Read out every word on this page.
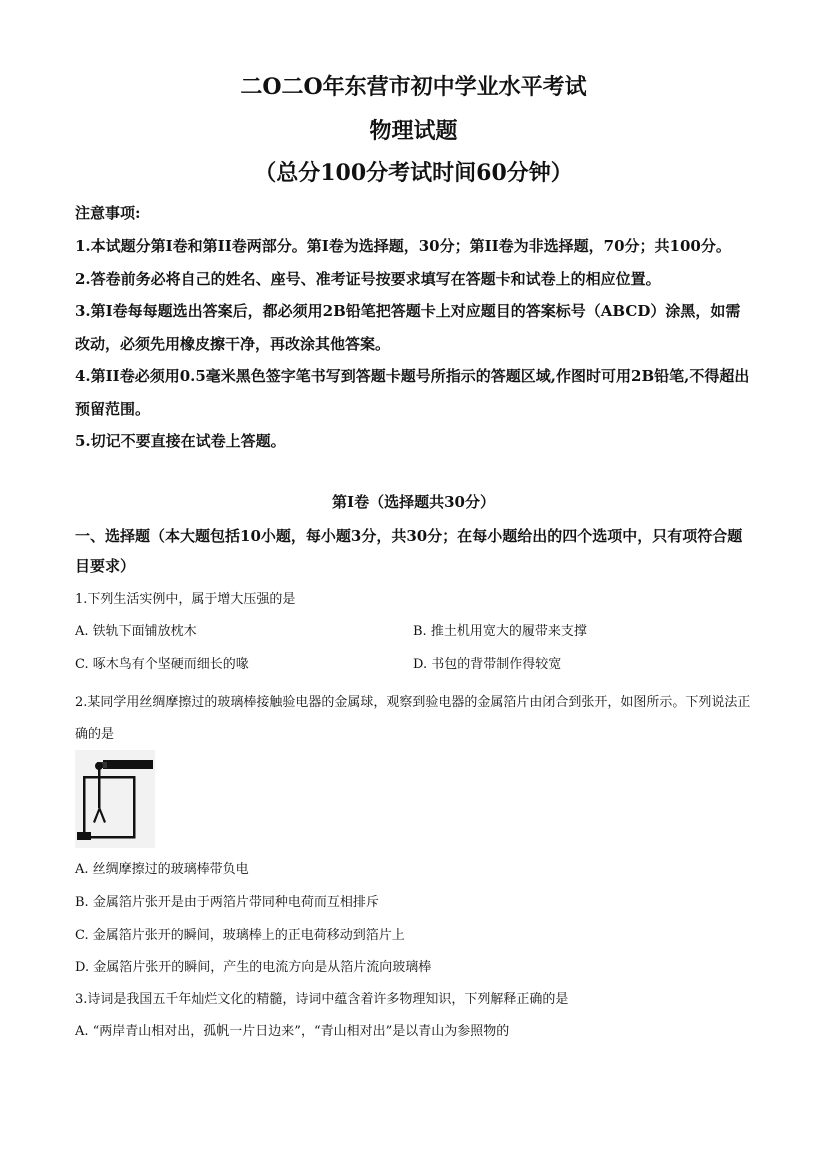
二O二O年东营市初中学业水平考试
物理试题
（总分100分考试时间60分钟）
注意事项:

1.本试题分第I卷和第II卷两部分。第I卷为选择题，30分；第II卷为非选择题，70分；共100分。

2.答卷前务必将自己的姓名、座号、准考证号按要求填写在答题卡和试卷上的相应位置。

3.第I卷每每题选出答案后，都必须用2B铅笔把答题卡上对应题目的答案标号（ABCD）涂黑，如需改动，必须先用橡皮擦干净，再改涂其他答案。

4.第II卷必须用0.5毫米黑色签字笔书写到答题卡题号所指示的答题区域,作图时可用2B铅笔,不得超出预留范围。

5.切记不要直接在试卷上答题。

第I卷（选择题共30分）
一、选择题（本大题包括10小题，每小题3分，共30分；在每小题给出的四个选项中，只有项符合题目要求）
1.下列生活实例中，属于增大压强的是
A. 铁轨下面铺放枕木	B. 推土机用宽大的履带来支撑
C. 啄木鸟有个坚硬而细长的喙	D. 书包的背带制作得较宽
2.某同学用丝绸摩擦过的玻璃棒接触验电器的金属球，观察到验电器的金属箔片由闭合到张开，如图所示。下列说法正确的是
A. 丝绸摩擦过的玻璃棒带负电
B. 金属箔片张开是由于两箔片带同种电荷而互相排斥
C. 金属箔片张开的瞬间，玻璃棒上的正电荷移动到箔片上
D. 金属箔片张开的瞬间，产生的电流方向是从箔片流向玻璃棒
3.诗词是我国五千年灿烂文化的精髓，诗词中蕴含着许多物理知识，下列解释正确的是
A. “两岸青山相对出，孤帆一片日边来”，“青山相对出”是以青山为参照物的
